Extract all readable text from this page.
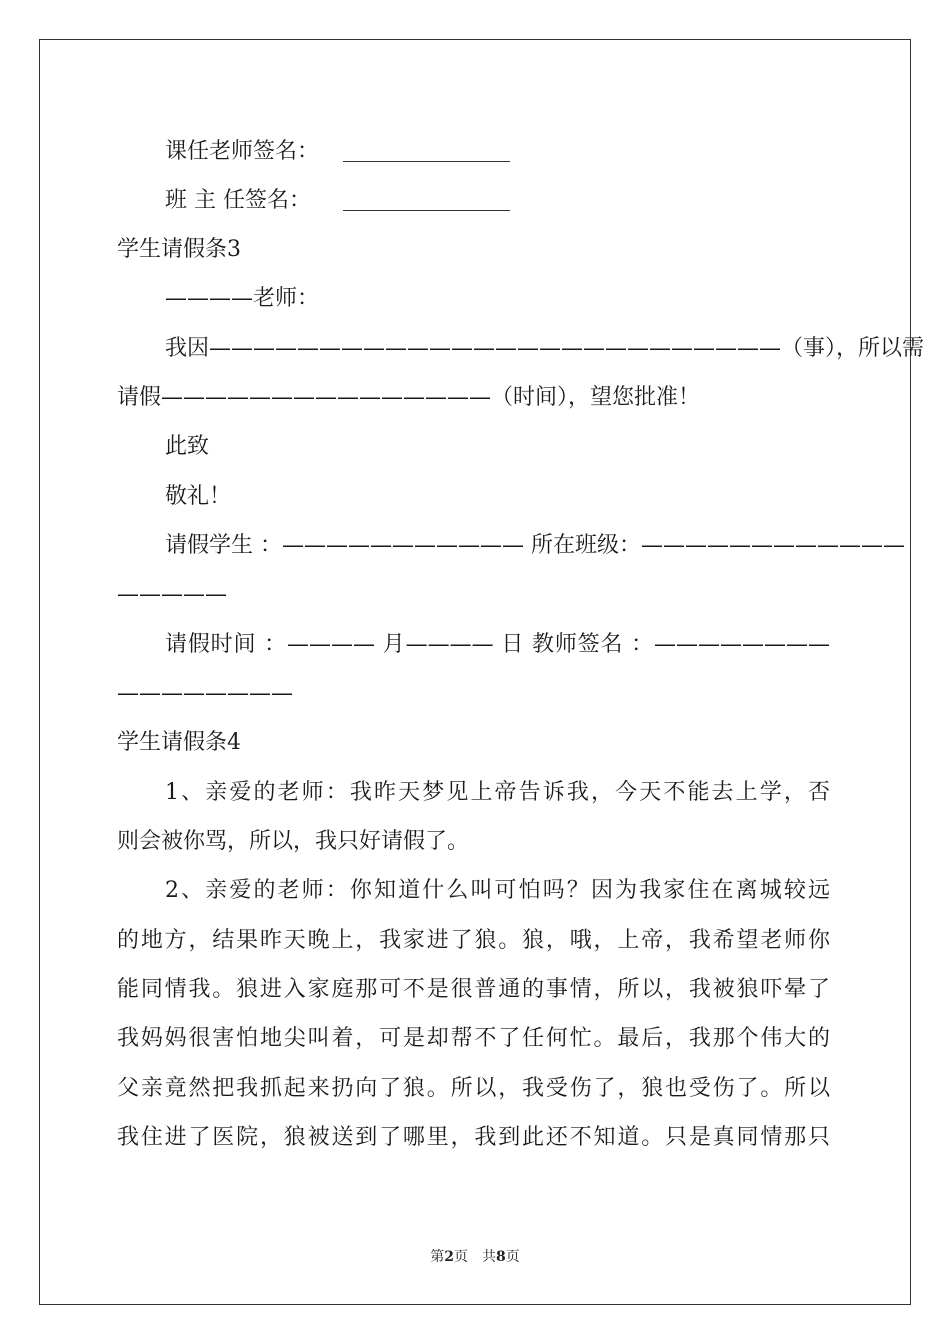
课任老师签名：
班 主 任签名：
学生请假条3
————老师：
我因——————————————————————————（事），所以需
请假———————————————（时间），望您批准！
此致
敬礼！
请假学生 ：——————————— 所在班级：————————————
—————
请假时间 ：———— 月———— 日 教师签名 ：————————
————————
学生请假条4
1、亲爱的老师：我昨天梦见上帝告诉我，今天不能去上学，否
则会被你骂，所以，我只好请假了。
2、亲爱的老师：你知道什么叫可怕吗？因为我家住在离城较远
的地方，结果昨天晚上，我家进了狼。狼，哦，上帝，我希望老师你
能同情我。狼进入家庭那可不是很普通的事情，所以，我被狼吓晕了
我妈妈很害怕地尖叫着，可是却帮不了任何忙。最后，我那个伟大的
父亲竟然把我抓起来扔向了狼。所以，我受伤了，狼也受伤了。所以
我住进了医院，狼被送到了哪里，我到此还不知道。只是真同情那只
第2页　共8页
